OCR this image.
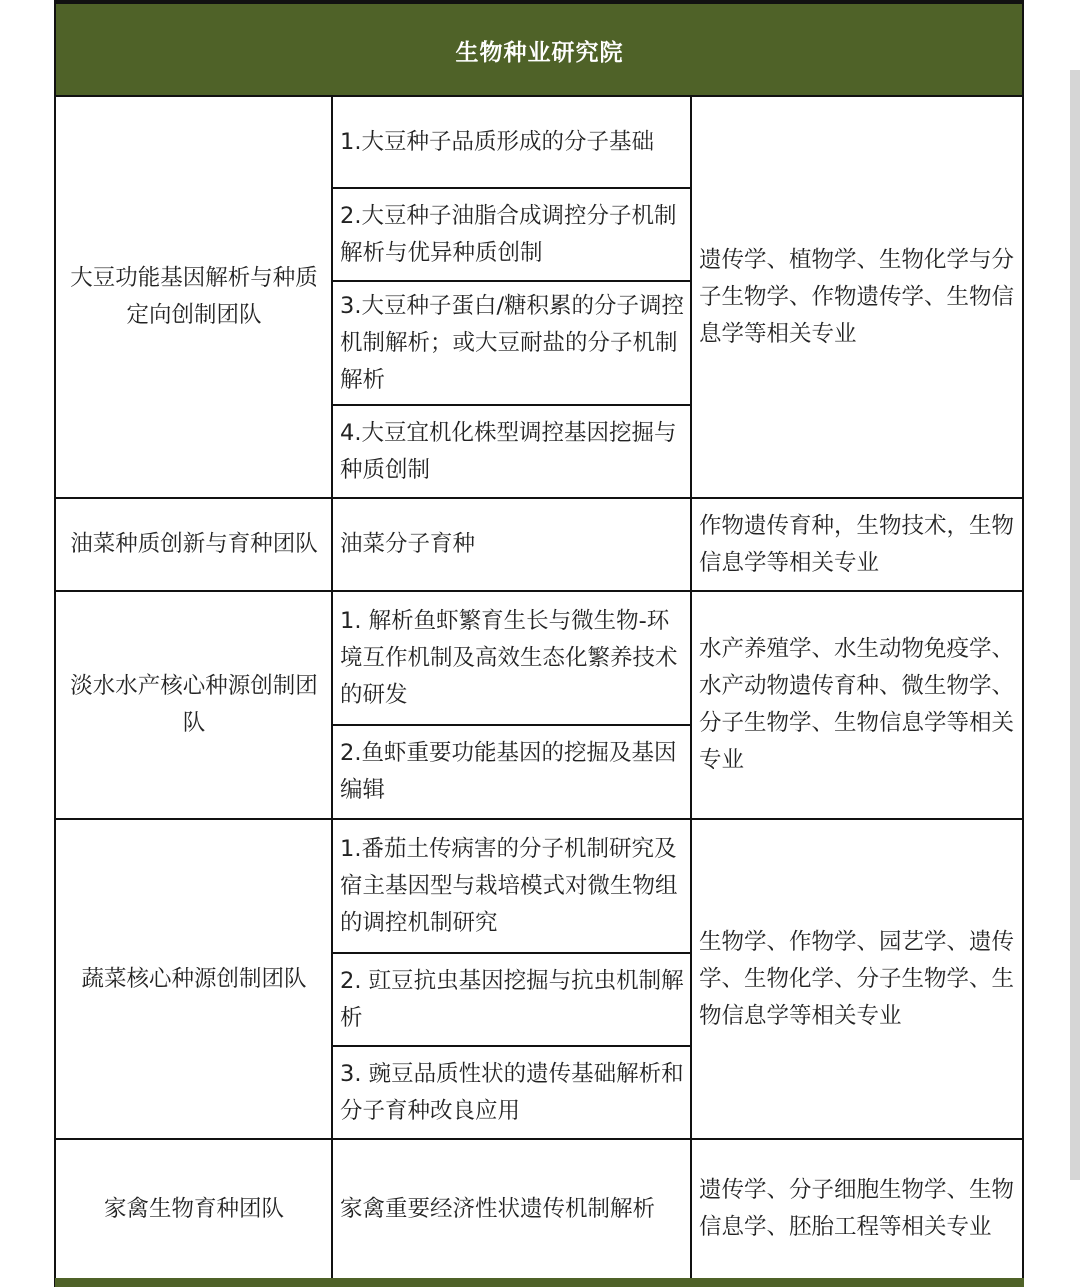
生物种业研究院
大豆功能基因解析与种质定向创制团队
1.大豆种子品质形成的分子基础
2.大豆种子油脂合成调控分子机制解析与优异种质创制
3.大豆种子蛋白/糖积累的分子调控机制解析；或大豆耐盐的分子机制解析
4.大豆宜机化株型调控基因挖掘与种质创制
遗传学、植物学、生物化学与分子生物学、作物遗传学、生物信息学等相关专业
油菜种质创新与育种团队 油菜分子育种
作物遗传育种，生物技术，生物信息学等相关专业
淡水水产核心种源创制团队
1. 解析鱼虾繁育生长与微生物-环境互作机制及高效生态化繁养技术的研发
2.鱼虾重要功能基因的挖掘及基因编辑
水产养殖学、水生动物免疫学、水产动物遗传育种、微生物学、分子生物学、生物信息学等相关专业
蔬菜核心种源创制团队
1.番茄土传病害的分子机制研究及宿主基因型与栽培模式对微生物组的调控机制研究
2. 豇豆抗虫基因挖掘与抗虫机制解析
3. 豌豆品质性状的遗传基础解析和分子育种改良应用
生物学、作物学、园艺学、遗传学、生物化学、分子生物学、生物信息学等相关专业
家禽生物育种团队 家禽重要经济性状遗传机制解析
遗传学、分子细胞生物学、生物信息学、胚胎工程等相关专业
